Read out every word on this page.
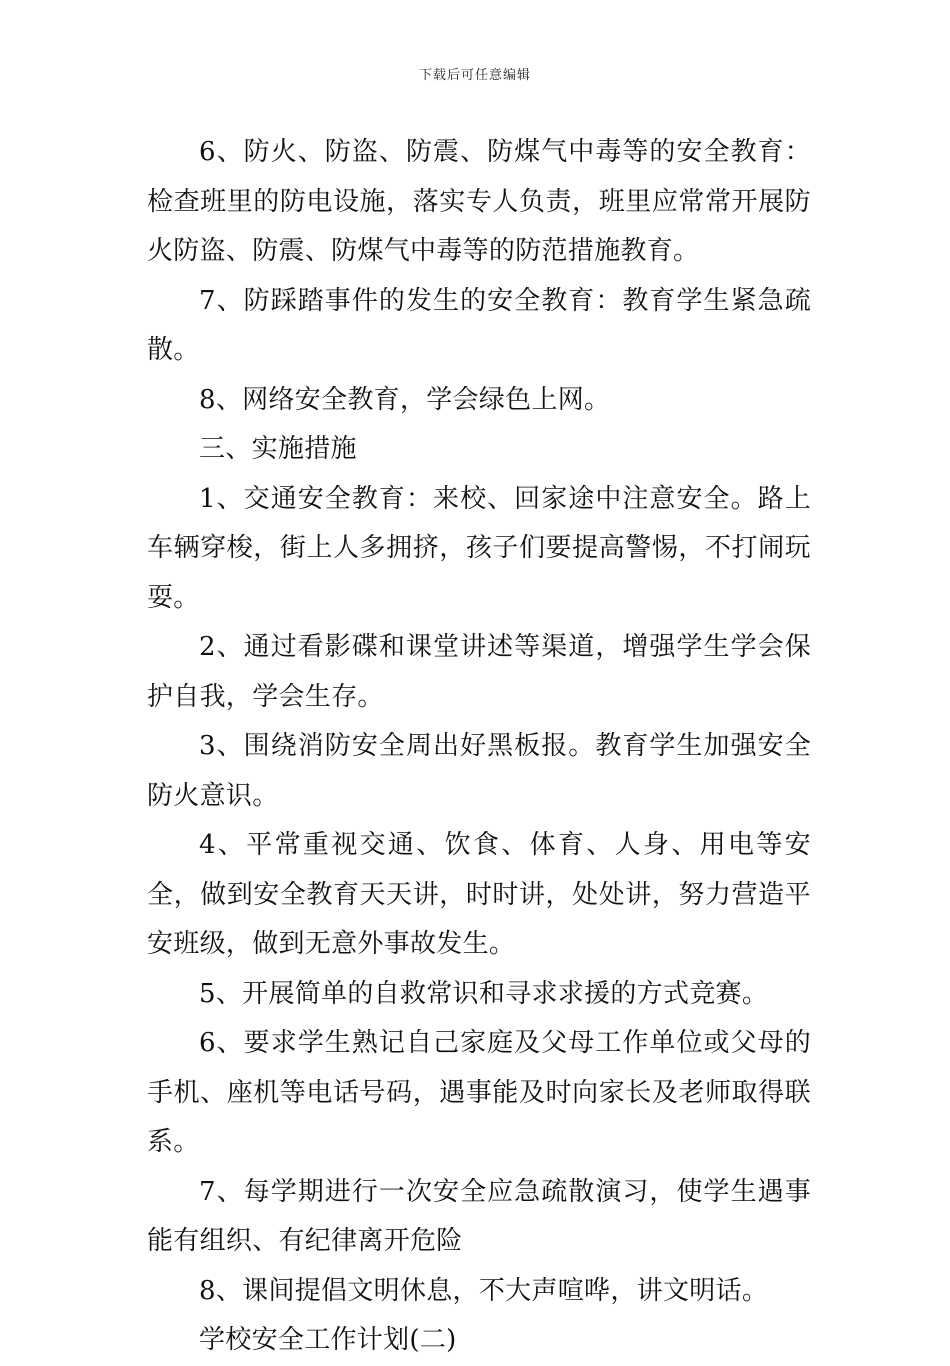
下载后可任意编辑

6、防火、防盗、防震、防煤气中毒等的安全教育：检查班里的防电设施，落实专人负责，班里应常常开展防火防盗、防震、防煤气中毒等的防范措施教育。

7、防踩踏事件的发生的安全教育：教育学生紧急疏散。

8、网络安全教育，学会绿色上网。

三、实施措施

1、交通安全教育：来校、回家途中注意安全。路上车辆穿梭，街上人多拥挤，孩子们要提高警惕，不打闹玩耍。

2、通过看影碟和课堂讲述等渠道，增强学生学会保护自我，学会生存。

3、围绕消防安全周出好黑板报。教育学生加强安全防火意识。

4、平常重视交通、饮食、体育、人身、用电等安全，做到安全教育天天讲，时时讲，处处讲，努力营造平安班级，做到无意外事故发生。

5、开展简单的自救常识和寻求求援的方式竞赛。

6、要求学生熟记自己家庭及父母工作单位或父母的手机、座机等电话号码，遇事能及时向家长及老师取得联系。

7、每学期进行一次安全应急疏散演习，使学生遇事能有组织、有纪律离开危险

8、课间提倡文明休息，不大声喧哗，讲文明话。

学校安全工作计划(二)
